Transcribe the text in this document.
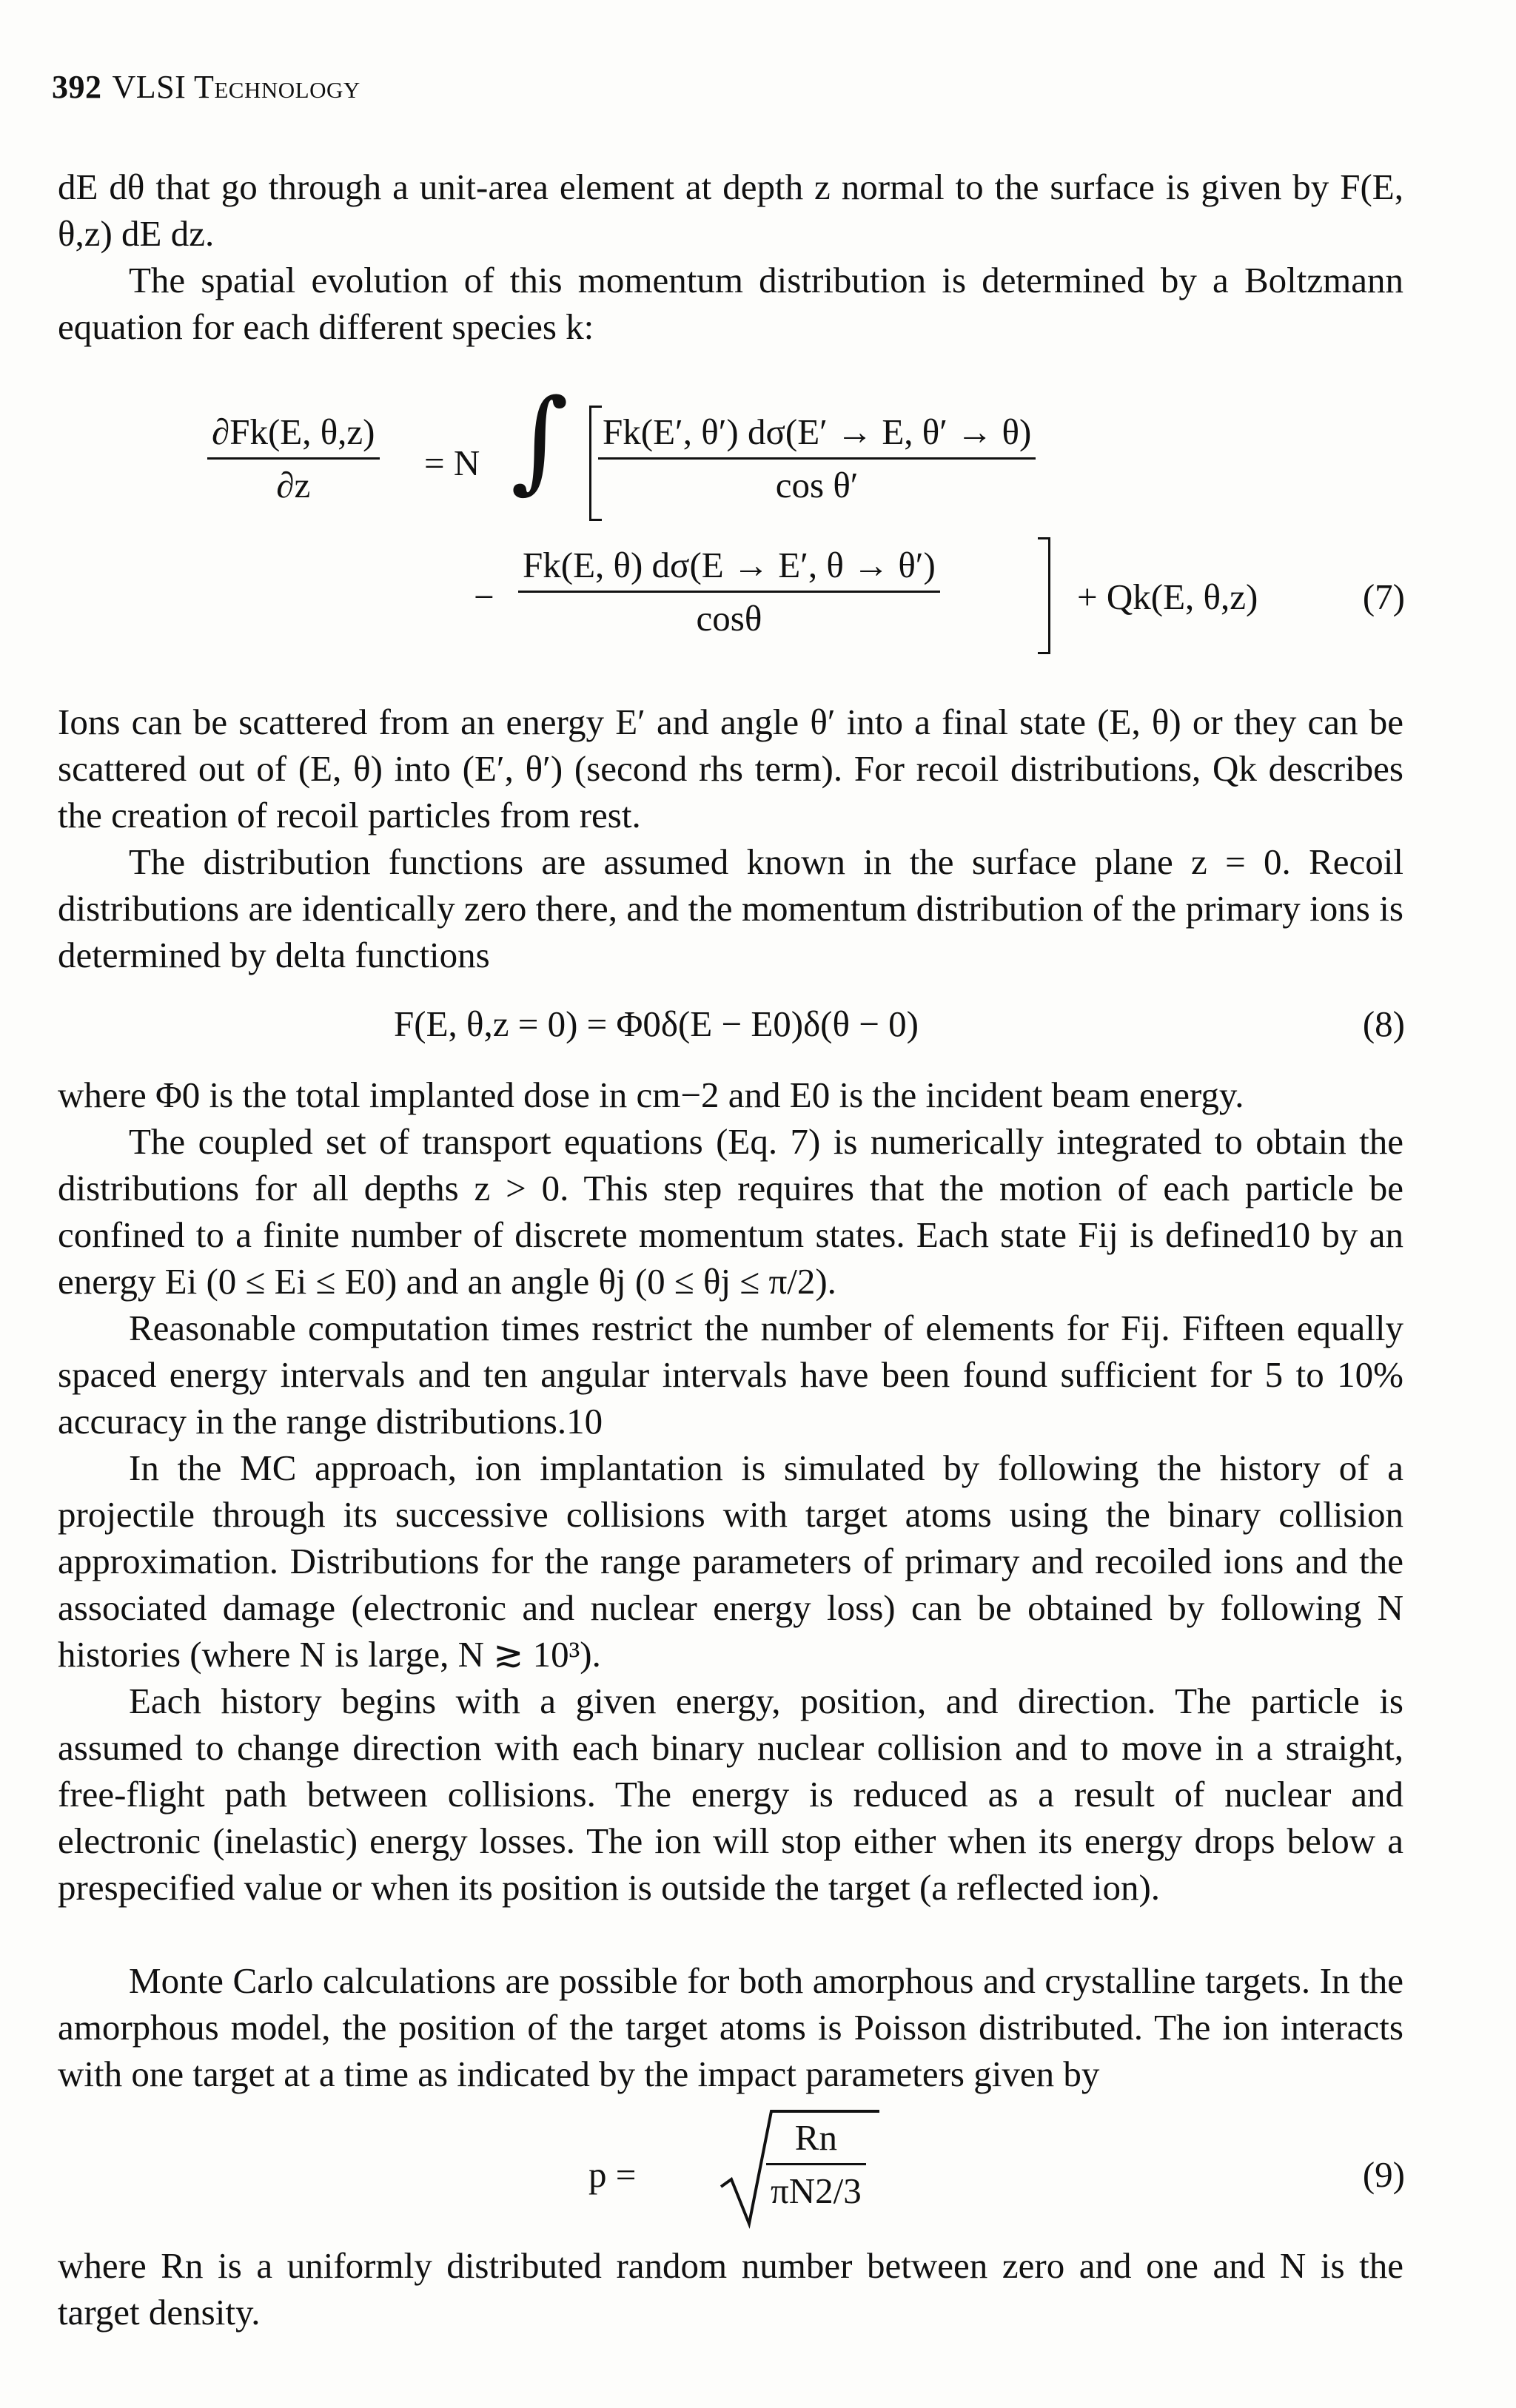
392 VLSI Technology
dE dθ that go through a unit-area element at depth z normal to the surface is given by F(E, θ,z) dE dz.
The spatial evolution of this momentum distribution is determined by a Boltzmann equation for each different species k:
$\frac{\partial Fk(E, \theta,z)}{\partial z} = N$ ∫ $\frac{Fk(E', \theta') d\sigma(E' \to E, \theta' \to \theta)}{\text{cos θ′}}$
− $\frac{Fk(E, \theta) d\sigma(E \to E', \theta \to \theta')}{\cos\theta}$	+ Qk(E, θ,z)	(7)
Ions can be scattered from an energy E′ and angle θ′ into a final state (E, θ) or they can be scattered out of (E, θ) into (E′, θ′) (second rhs term). For recoil distributions, Qk describes the creation of recoil particles from rest.
The distribution functions are assumed known in the surface plane z = 0. Recoil distributions are identically zero there, and the momentum distribution of the primary ions is determined by delta functions
F(E, θ,z = 0) = Φ0δ(E − E0)δ(θ − 0)	(8)
where Φ0 is the total implanted dose in cm−2 and E0 is the incident beam energy.
The coupled set of transport equations (Eq. 7) is numerically integrated to obtain the distributions for all depths z > 0. This step requires that the motion of each particle be confined to a finite number of discrete momentum states. Each state Fij is defined10 by an energy Ei (0 ≤ Ei ≤ E0) and an angle θj (0 ≤ θj ≤ π/2).
Reasonable computation times restrict the number of elements for Fij. Fifteen equally spaced energy intervals and ten angular intervals have been found sufficient for 5 to 10% accuracy in the range distributions.10
In the MC approach, ion implantation is simulated by following the history of a projectile through its successive collisions with target atoms using the binary collision approximation. Distributions for the range parameters of primary and recoiled ions and the associated damage (electronic and nuclear energy loss) can be obtained by following N histories (where N is large, N ≳ 10³).
Each history begins with a given energy, position, and direction. The particle is assumed to change direction with each binary nuclear collision and to move in a straight, free-flight path between collisions. The energy is reduced as a result of nuclear and electronic (inelastic) energy losses. The ion will stop either when its energy drops below a prespecified value or when its position is outside the target (a reflected ion).
Monte Carlo calculations are possible for both amorphous and crystalline targets. In the amorphous model, the position of the target atoms is Poisson distributed. The ion interacts with one target at a time as indicated by the impact parameters given by
p =	$\frac{Rn}{\pi N2/3}$	(9)
where Rn is a uniformly distributed random number between zero and one and N is the target density.
